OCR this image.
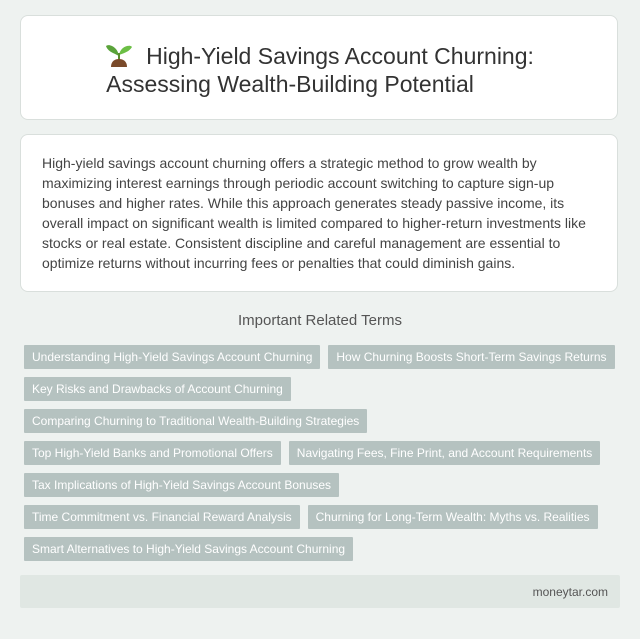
High-Yield Savings Account Churning:
Assessing Wealth-Building Potential
High-yield savings account churning offers a strategic method to grow wealth by maximizing interest earnings through periodic account switching to capture sign-up bonuses and higher rates. While this approach generates steady passive income, its overall impact on significant wealth is limited compared to higher-return investments like stocks or real estate. Consistent discipline and careful management are essential to optimize returns without incurring fees or penalties that could diminish gains.
Important Related Terms
Understanding High-Yield Savings Account Churning	How Churning Boosts Short-Term Savings Returns
Key Risks and Drawbacks of Account Churning
Comparing Churning to Traditional Wealth-Building Strategies
Top High-Yield Banks and Promotional Offers	Navigating Fees, Fine Print, and Account Requirements
Tax Implications of High-Yield Savings Account Bonuses
Time Commitment vs. Financial Reward Analysis	Churning for Long-Term Wealth: Myths vs. Realities
Smart Alternatives to High-Yield Savings Account Churning
moneytar.com
